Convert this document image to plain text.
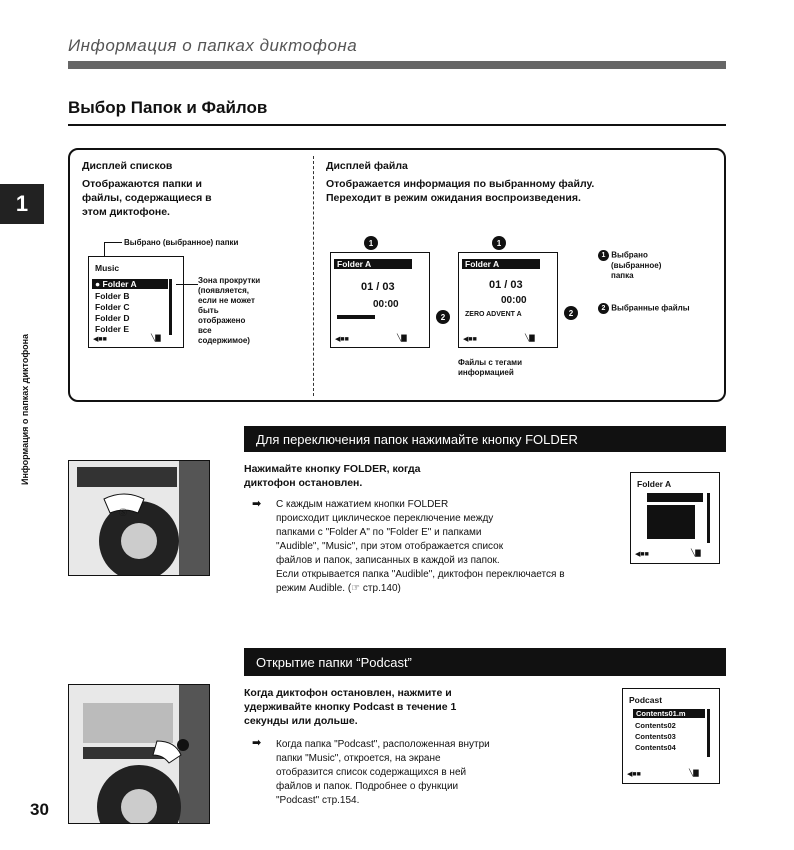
Информация о папках диктофона
Выбор Папок и Файлов
1
Информация о папках диктофона
Дисплей списков
Отображаются папки и
файлы, содержащиеся в
этом диктофоне.
Выбрано (выбранное) папки
Music
● Folder A
Folder B
Folder C
Folder D
Folder E
◀■■	╲▇
Зона прокрутки
(появляется,
если не может
быть
отображено
все
содержимое)
Дисплей файла
Отображается информация по выбранному файлу.
Переходит в режим ожидания воспроизведения.
1
Folder A
01 / 03
00:00
◀■■	╲▇
2
1
Folder A
01 / 03
00:00
ZERO ADVENT A
◀■■	╲▇
2
Файлы с тегами
информацией
1 Выбрано
(выбранное)
папка
2 Выбранные файлы
Для переключения папок нажимайте кнопку FOLDER
Ⓢ
Нажимайте кнопку FOLDER, когда
диктофон остановлен.
➡ С каждым нажатием кнопки FOLDER
происходит циклическое переключение между
папками с "Folder A" по "Folder E" и папками
"Audible", "Music", при этом отображается список
файлов и папок, записанных в каждой из папок.
Если открывается папка "Audible", диктофон переключается в
режим Audible. (☞ стр.140)
Folder A
◀■■	╲▇
Открытие папки “Podcast”
Когда диктофон остановлен, нажмите и
удерживайте кнопку Podcast в течение 1
секунды или дольше.
➡ Когда папка "Podcast", расположенная внутри
папки "Music", откроется, на экране
отобразится список содержащихся в ней
файлов и папок. Подробнее о функции
"Podcast" стр.154.
Podcast
Contents01.m
Contents02
Contents03
Contents04
◀■■	╲▇
30
